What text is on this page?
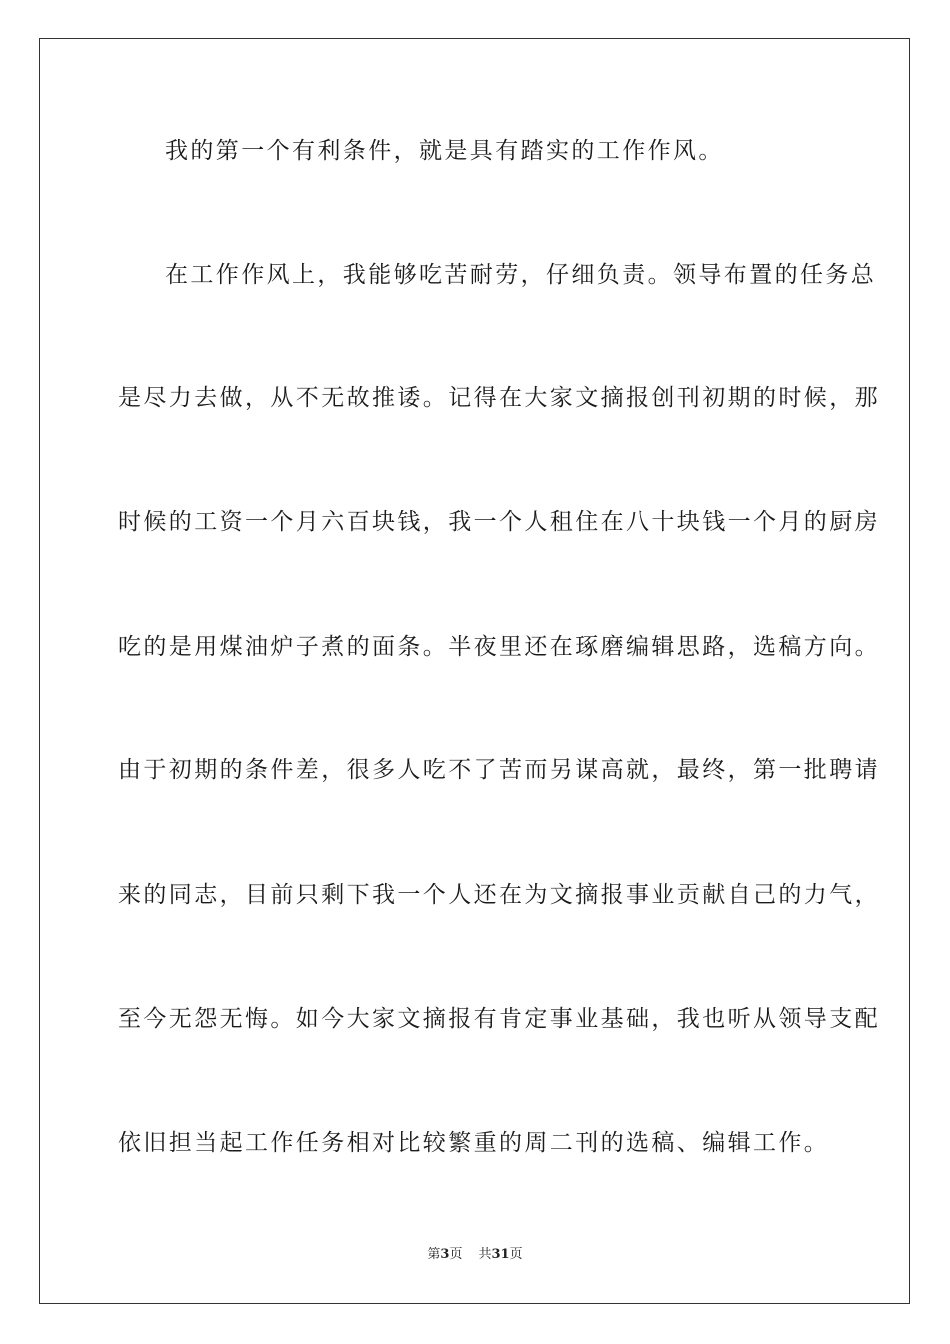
我的第一个有利条件，就是具有踏实的工作作风。
在工作作风上，我能够吃苦耐劳，仔细负责。领导布置的任务总
是尽力去做，从不无故推诿。记得在大家文摘报创刊初期的时候，那
时候的工资一个月六百块钱，我一个人租住在八十块钱一个月的厨房
吃的是用煤油炉子煮的面条。半夜里还在琢磨编辑思路，选稿方向。
由于初期的条件差，很多人吃不了苦而另谋高就，最终，第一批聘请
来的同志，目前只剩下我一个人还在为文摘报事业贡献自己的力气，
至今无怨无悔。如今大家文摘报有肯定事业基础，我也听从领导支配
依旧担当起工作任务相对比较繁重的周二刊的选稿、编辑工作。
第3页 共31页
